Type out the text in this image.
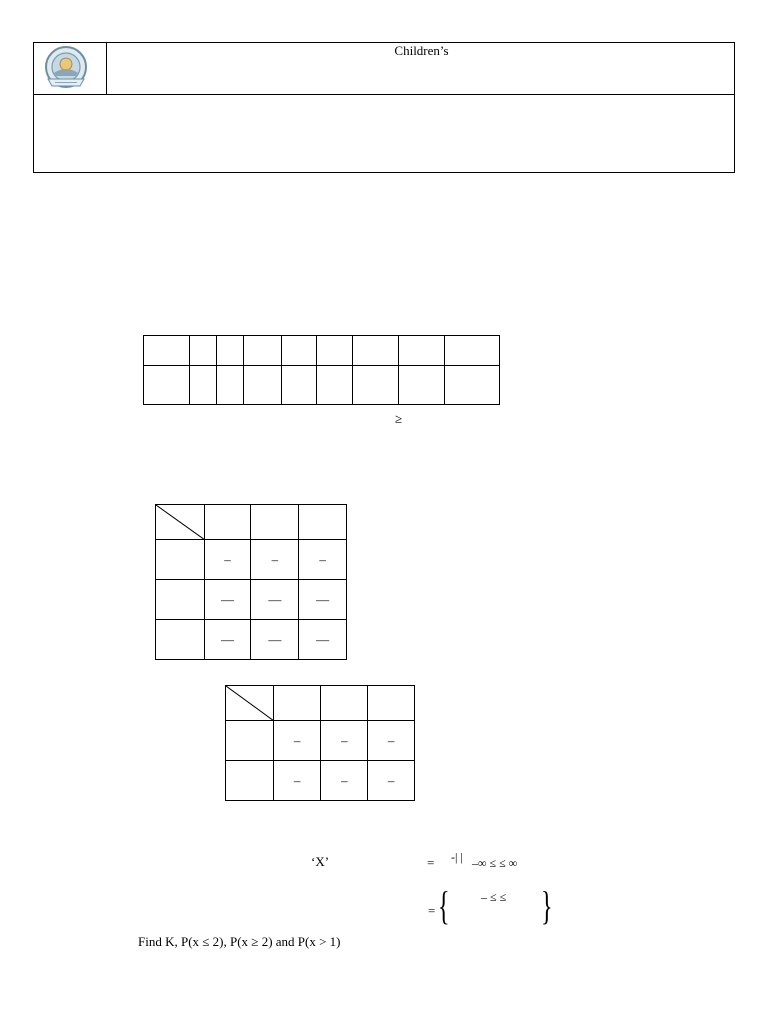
Children’s

≥

	–	–	–
	—	—	—
	—	—	—

	–	–	–
	–	–	–
‘X’	= -| | –∞ ≤ ≤ ∞
= {	– ≤ ≤ }
Find K, P(x ≤ 2), P(x ≥ 2) and P(x > 1)
